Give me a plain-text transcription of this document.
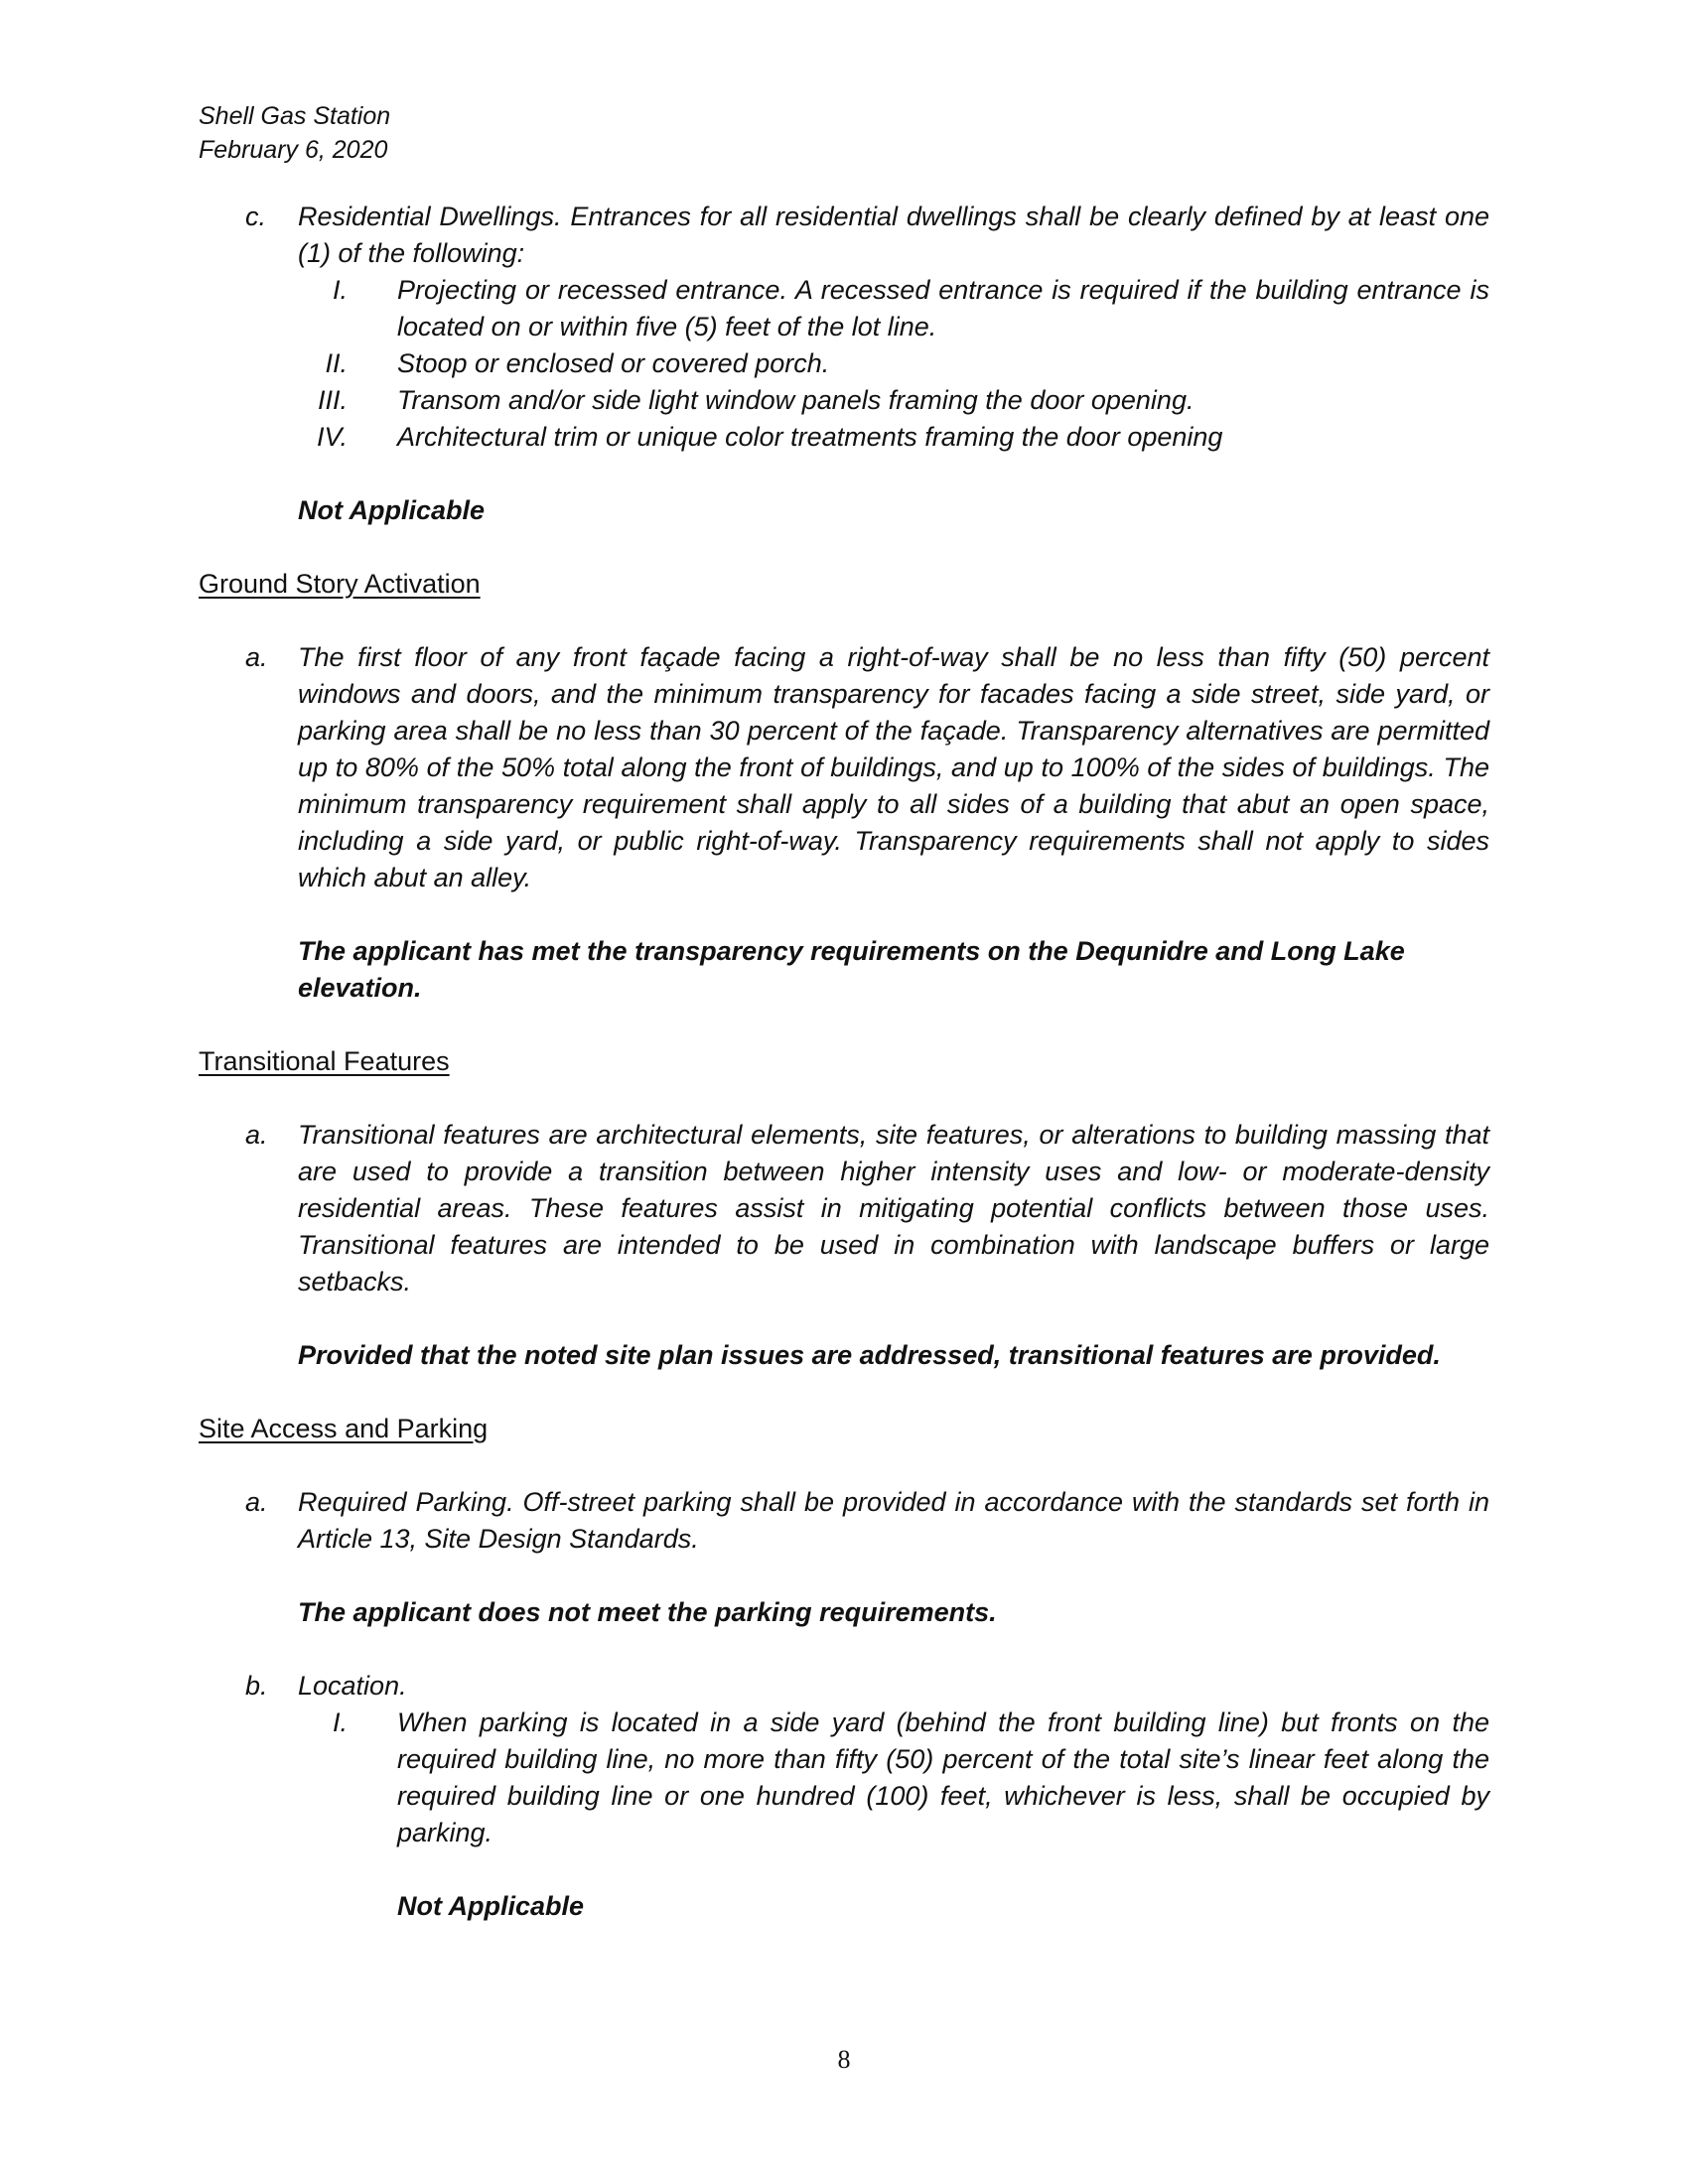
Shell Gas Station
February 6, 2020
c. Residential Dwellings. Entrances for all residential dwellings shall be clearly defined by at least one (1) of the following:
I. Projecting or recessed entrance. A recessed entrance is required if the building entrance is located on or within five (5) feet of the lot line.
II. Stoop or enclosed or covered porch.
III. Transom and/or side light window panels framing the door opening.
IV. Architectural trim or unique color treatments framing the door opening
Not Applicable
Ground Story Activation
a. The first floor of any front façade facing a right-of-way shall be no less than fifty (50) percent windows and doors, and the minimum transparency for facades facing a side street, side yard, or parking area shall be no less than 30 percent of the façade. Transparency alternatives are permitted up to 80% of the 50% total along the front of buildings, and up to 100% of the sides of buildings. The minimum transparency requirement shall apply to all sides of a building that abut an open space, including a side yard, or public right-of-way. Transparency requirements shall not apply to sides which abut an alley.
The applicant has met the transparency requirements on the Dequnidre and Long Lake elevation.
Transitional Features
a. Transitional features are architectural elements, site features, or alterations to building massing that are used to provide a transition between higher intensity uses and low- or moderate-density residential areas. These features assist in mitigating potential conflicts between those uses. Transitional features are intended to be used in combination with landscape buffers or large setbacks.
Provided that the noted site plan issues are addressed, transitional features are provided.
Site Access and Parking
a. Required Parking. Off-street parking shall be provided in accordance with the standards set forth in Article 13, Site Design Standards.
The applicant does not meet the parking requirements.
b. Location.
I. When parking is located in a side yard (behind the front building line) but fronts on the required building line, no more than fifty (50) percent of the total site’s linear feet along the required building line or one hundred (100) feet, whichever is less, shall be occupied by parking.
Not Applicable
8
